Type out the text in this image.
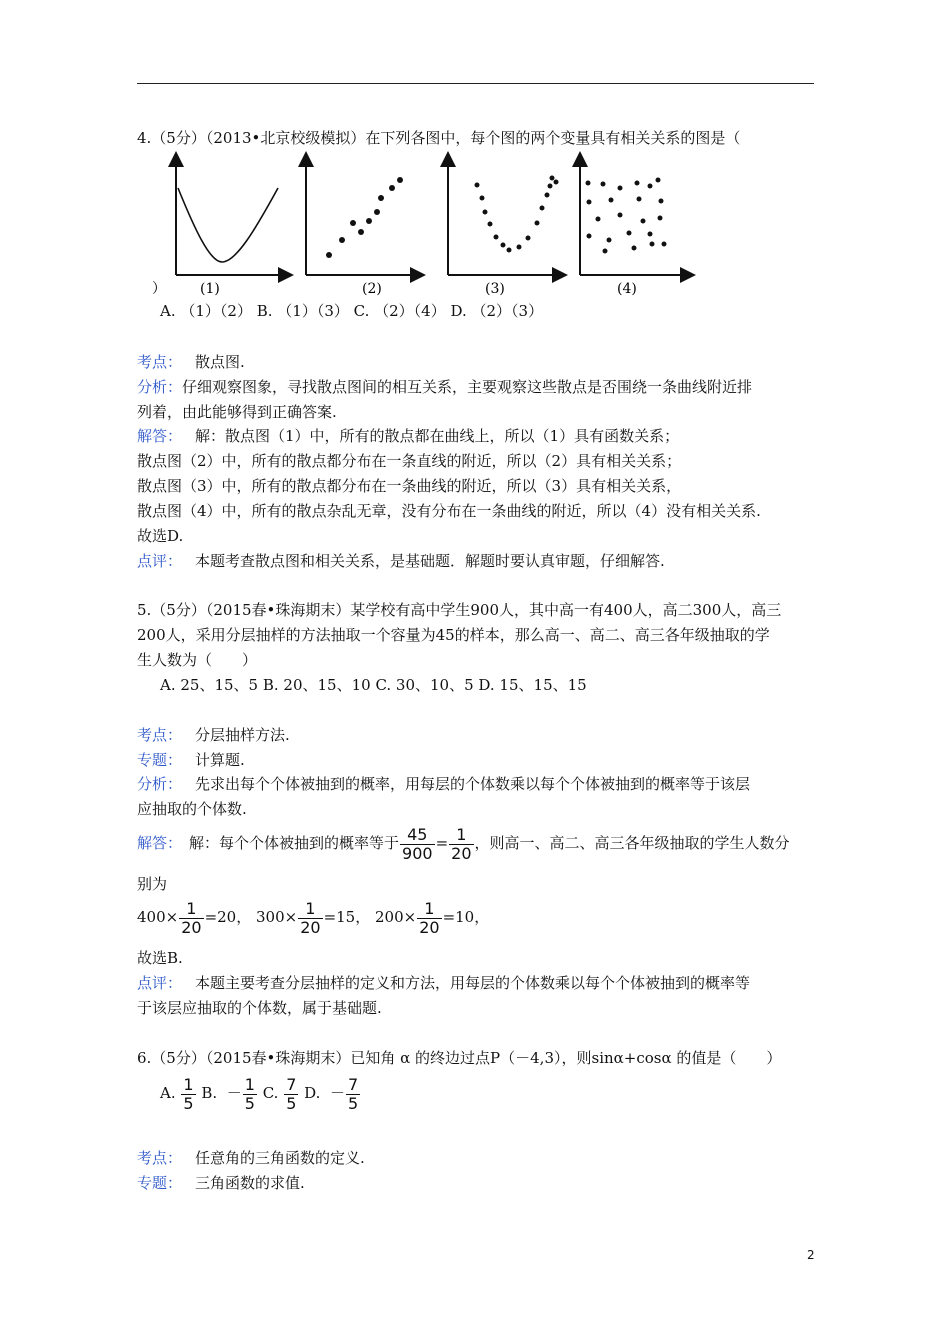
4.（5分）（2013•北京校级模拟）在下列各图中，每个图的两个变量具有相关关系的图是（
(1)	(2)	(3)	(4)
）
A. （1）（2） B. （1）（3） C. （2）（4） D. （2）（3）
考点： 散点图.
分析：仔细观察图象，寻找散点图间的相互关系，主要观察这些散点是否围绕一条曲线附近排
列着，由此能够得到正确答案.
解答： 解：散点图（1）中，所有的散点都在曲线上，所以（1）具有函数关系；
散点图（2）中，所有的散点都分布在一条直线的附近，所以（2）具有相关关系；
散点图（3）中，所有的散点都分布在一条曲线的附近，所以（3）具有相关关系，
散点图（4）中，所有的散点杂乱无章，没有分布在一条曲线的附近，所以（4）没有相关关系.
故选D.
点评： 本题考查散点图和相关关系，是基础题．解题时要认真审题，仔细解答.
5.（5分）（2015春•珠海期末）某学校有高中学生900人，其中高一有400人，高二300人，高三
200人，采用分层抽样的方法抽取一个容量为45的样本，那么高一、高二、高三各年级抽取的学
生人数为（　　）
A. 25、15、5 B. 20、15、10 C. 30、10、5 D. 15、15、15
考点： 分层抽样方法.
专题： 计算题.
分析： 先求出每个个体被抽到的概率，用每层的个体数乘以每个个体被抽到的概率等于该层
应抽取的个体数.
解答： 解：每个个体被抽到的概率等于 $\frac{45}{900} = \frac{1}{20}$ ，则高一、高二、高三各年级抽取的学生人数分
别为
$400\times \frac{1}{20} =20$， $300\times \frac{1}{20} =15$， $200\times \frac{1}{20} =10$，
故选B.
点评： 本题主要考查分层抽样的定义和方法，用每层的个体数乘以每个个体被抽到的概率等
于该层应抽取的个体数，属于基础题.
6.（5分）（2015春•珠海期末）已知角 α 的终边过点P（－4,3），则sinα+cosα 的值是（　　）
A. $\frac{1}{5} B$. － $\frac{1}{5} C$. $\frac{7}{5} D$. － $\frac{7}{5}$
考点： 任意角的三角函数的定义.
专题： 三角函数的求值.
2
